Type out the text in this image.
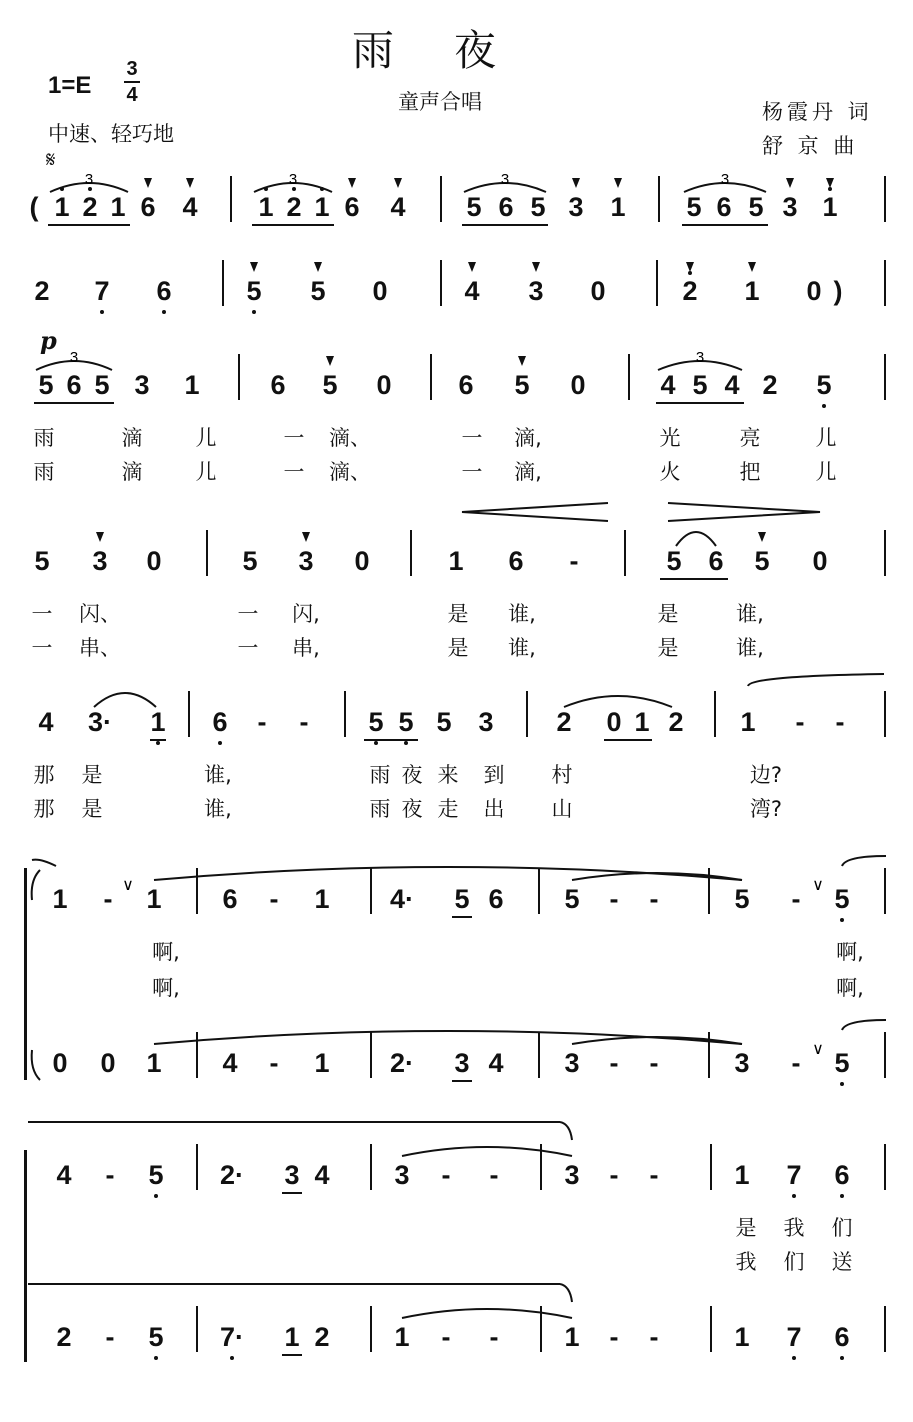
雨夜
童声合唱	杨霞丹 词
舒 京 曲
1=E
3
4
中速、轻巧地
𝄋
p
( 1 2 1 6 4 1 2 1 6 4 5 6 5 3 1 5 6 5 3 1
2 7 6	5 5 0	4 3 0	2 1 0 )
5 6 5 3 1	6 5 0 6 5 0	4 5 4 2 5
雨	滴	儿	一 滴、	一 滴,	光	亮	儿
雨	滴	儿	一 滴、	一 滴,	火	把	儿
5 3 0	5 3 0	1 6 -	5 6 5 0
一 闪、	一 闪,	是 谁,	是	谁,
一 串、	一 串,	是 谁,	是	谁,
4 3· 1 6 - - 5 5 5 3 2 0 1 2 1 - -
那 是	谁,	雨 夜 来 到 村	边?
那 是	谁,	雨 夜 走 出 山	湾?
1 - 1 6 - 1 4· 5 6 5 - -	5 - 5
啊,	啊,
啊,	啊,
0 0 1 4 - 1 2· 3 4 3 - -	3 - 5
4 - 5 2· 3 4 3 - - 3 - -	1 7 6
是 我 们
我 们 送
2 - 5 7· 1 2 1 - - 1 - -	1 7 6
3	3	3	3
3	3
∨	∨
∨
